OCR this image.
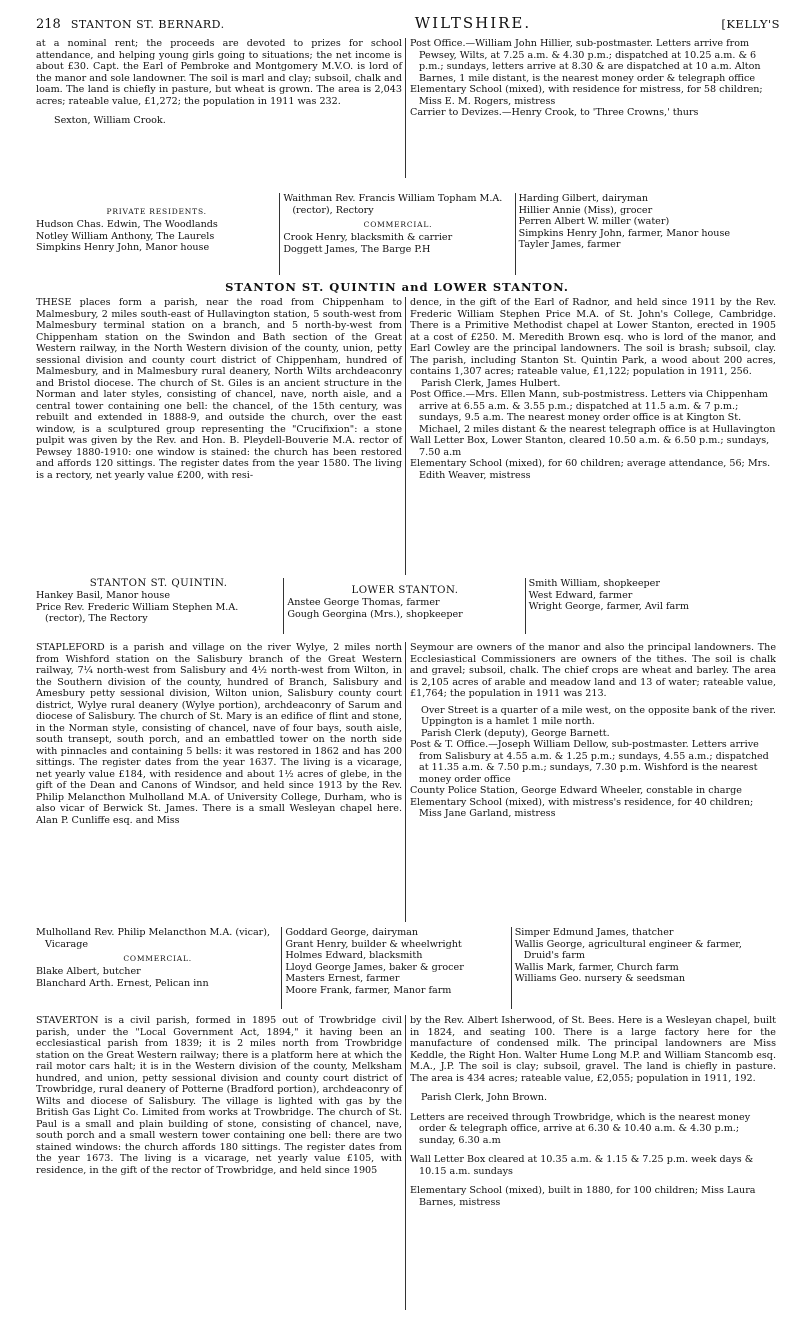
218 STANTON ST. BERNARD.	WILTSHIRE.	[KELLY'S

at a nominal rent; the proceeds are devoted to prizes for school attendance, and helping young girls going to situations; the net income is about £30. Capt. the Earl of Pembroke and Montgomery M.V.O. is lord of the manor and sole landowner. The soil is marl and clay; subsoil, chalk and loam. The land is chiefly in pasture, but wheat is grown. The area is 2,043 acres; rateable value, £1,272; the population in 1911 was 232.

Sexton, William Crook.

Post Office.—William John Hillier, sub-postmaster. Letters arrive from Pewsey, Wilts, at 7.25 a.m. & 4.30 p.m.; dispatched at 10.25 a.m. & 6 p.m.; sundays, letters arrive at 8.30 & are dispatched at 10 a.m. Alton Barnes, 1 mile distant, is the nearest money order & telegraph office

Elementary School (mixed), with residence for mistress, for 58 children; Miss E. M. Rogers, mistress

Carrier to Devizes.—Henry Crook, to 'Three Crowns,' thurs

PRIVATE RESIDENTS.

Hudson Chas. Edwin, The Woodlands

Notley William Anthony, The Laurels

Simpkins Henry John, Manor house

Waithman Rev. Francis William Topham M.A. (rector), Rectory

COMMERCIAL.

Crook Henry, blacksmith & carrier

Doggett James, The Barge P.H

Harding Gilbert, dairyman

Hillier Annie (Miss), grocer

Perren Albert W. miller (water)

Simpkins Henry John, farmer, Manor house

Tayler James, farmer

STANTON ST. QUINTIN and LOWER STANTON.

THESE places form a parish, near the road from Chippenham to Malmesbury, 2 miles south-east of Hullavington station, 5 south-west from Malmesbury terminal station on a branch, and 5 north-by-west from Chippenham station on the Swindon and Bath section of the Great Western railway, in the North Western division of the county, union, petty sessional division and county court district of Chippenham, hundred of Malmesbury, and in Malmesbury rural deanery, North Wilts archdeaconry and Bristol diocese. The church of St. Giles is an ancient structure in the Norman and later styles, consisting of chancel, nave, north aisle, and a central tower containing one bell: the chancel, of the 15th century, was rebuilt and extended in 1888-9, and outside the church, over the east window, is a sculptured group representing the "Crucifixion": a stone pulpit was given by the Rev. and Hon. B. Pleydell-Bouverie M.A. rector of Pewsey 1880-1910: one window is stained: the church has been restored and affords 120 sittings. The register dates from the year 1580. The living is a rectory, net yearly value £200, with resi-

dence, in the gift of the Earl of Radnor, and held since 1911 by the Rev. Frederic William Stephen Price M.A. of St. John's College, Cambridge. There is a Primitive Methodist chapel at Lower Stanton, erected in 1905 at a cost of £250. M. Meredith Brown esq. who is lord of the manor, and Earl Cowley are the principal landowners. The soil is brash; subsoil, clay. The parish, including Stanton St. Quintin Park, a wood about 200 acres, contains 1,307 acres; rateable value, £1,122; population in 1911, 256.

Parish Clerk, James Hulbert.

Post Office.—Mrs. Ellen Mann, sub-postmistress. Letters via Chippenham arrive at 6.55 a.m. & 3.55 p.m.; dispatched at 11.5 a.m. & 7 p.m.; sundays, 9.5 a.m. The nearest money order office is at Kington St. Michael, 2 miles distant & the nearest telegraph office is at Hullavington

Wall Letter Box, Lower Stanton, cleared 10.50 a.m. & 6.50 p.m.; sundays, 7.50 a.m

Elementary School (mixed), for 60 children; average attendance, 56; Mrs. Edith Weaver, mistress

STANTON ST. QUINTIN.

Hankey Basil, Manor house

Price Rev. Frederic William Stephen M.A. (rector), The Rectory

LOWER STANTON.

Anstee George Thomas, farmer

Gough Georgina (Mrs.), shopkeeper

Smith William, shopkeeper

West Edward, farmer

Wright George, farmer, Avil farm

STAPLEFORD is a parish and village on the river Wylye, 2 miles north from Wishford station on the Salisbury branch of the Great Western railway, 7¼ north-west from Salisbury and 4½ north-west from Wilton, in the Southern division of the county, hundred of Branch, Salisbury and Amesbury petty sessional division, Wilton union, Salisbury county court district, Wylye rural deanery (Wylye portion), archdeaconry of Sarum and diocese of Salisbury. The church of St. Mary is an edifice of flint and stone, in the Norman style, consisting of chancel, nave of four bays, south aisle, south transept, south porch, and an embattled tower on the north side with pinnacles and containing 5 bells: it was restored in 1862 and has 200 sittings. The register dates from the year 1637. The living is a vicarage, net yearly value £184, with residence and about 1½ acres of glebe, in the gift of the Dean and Canons of Windsor, and held since 1913 by the Rev. Philip Melancthon Mulholland M.A. of University College, Durham, who is also vicar of Berwick St. James. There is a small Wesleyan chapel here. Alan P. Cunliffe esq. and Miss

Seymour are owners of the manor and also the principal landowners. The Ecclesiastical Commissioners are owners of the tithes. The soil is chalk and gravel; subsoil, chalk. The chief crops are wheat and barley. The area is 2,105 acres of arable and meadow land and 13 of water; rateable value, £1,764; the population in 1911 was 213.

Over Street is a quarter of a mile west, on the opposite bank of the river.

Uppington is a hamlet 1 mile north.

Parish Clerk (deputy), George Barnett.

Post & T. Office.—Joseph William Dellow, sub-postmaster. Letters arrive from Salisbury at 4.55 a.m. & 1.25 p.m.; sundays, 4.55 a.m.; dispatched at 11.35 a.m. & 7.50 p.m.; sundays, 7.30 p.m. Wishford is the nearest money order office

County Police Station, George Edward Wheeler, constable in charge

Elementary School (mixed), with mistress's residence, for 40 children; Miss Jane Garland, mistress

Mulholland Rev. Philip Melancthon M.A. (vicar), Vicarage

COMMERCIAL.

Blake Albert, butcher

Blanchard Arth. Ernest, Pelican inn

Goddard George, dairyman

Grant Henry, builder & wheelwright

Holmes Edward, blacksmith

Lloyd George James, baker & grocer

Masters Ernest, farmer

Moore Frank, farmer, Manor farm

Simper Edmund James, thatcher

Wallis George, agricultural engineer & farmer, Druid's farm

Wallis Mark, farmer, Church farm

Williams Geo. nursery & seedsman

STAVERTON is a civil parish, formed in 1895 out of Trowbridge civil parish, under the "Local Government Act, 1894," it having been an ecclesiastical parish from 1839; it is 2 miles north from Trowbridge station on the Great Western railway; there is a platform here at which the rail motor cars halt; it is in the Western division of the county, Melksham hundred, and union, petty sessional division and county court district of Trowbridge, rural deanery of Potterne (Bradford portion), archdeaconry of Wilts and diocese of Salisbury. The village is lighted with gas by the British Gas Light Co. Limited from works at Trowbridge. The church of St. Paul is a small and plain building of stone, consisting of chancel, nave, south porch and a small western tower containing one bell: there are two stained windows: the church affords 180 sittings. The register dates from the year 1673. The living is a vicarage, net yearly value £105, with residence, in the gift of the rector of Trowbridge, and held since 1905

by the Rev. Albert Isherwood, of St. Bees. Here is a Wesleyan chapel, built in 1824, and seating 100. There is a large factory here for the manufacture of condensed milk. The principal landowners are Miss Keddle, the Right Hon. Walter Hume Long M.P. and William Stancomb esq. M.A., J.P. The soil is clay; subsoil, gravel. The land is chiefly in pasture. The area is 434 acres; rateable value, £2,055; population in 1911, 192.

Parish Clerk, John Brown.

Letters are received through Trowbridge, which is the nearest money order & telegraph office, arrive at 6.30 & 10.40 a.m. & 4.30 p.m.; sunday, 6.30 a.m

Wall Letter Box cleared at 10.35 a.m. & 1.15 & 7.25 p.m. week days & 10.15 a.m. sundays

Elementary School (mixed), built in 1880, for 100 children; Miss Laura Barnes, mistress
